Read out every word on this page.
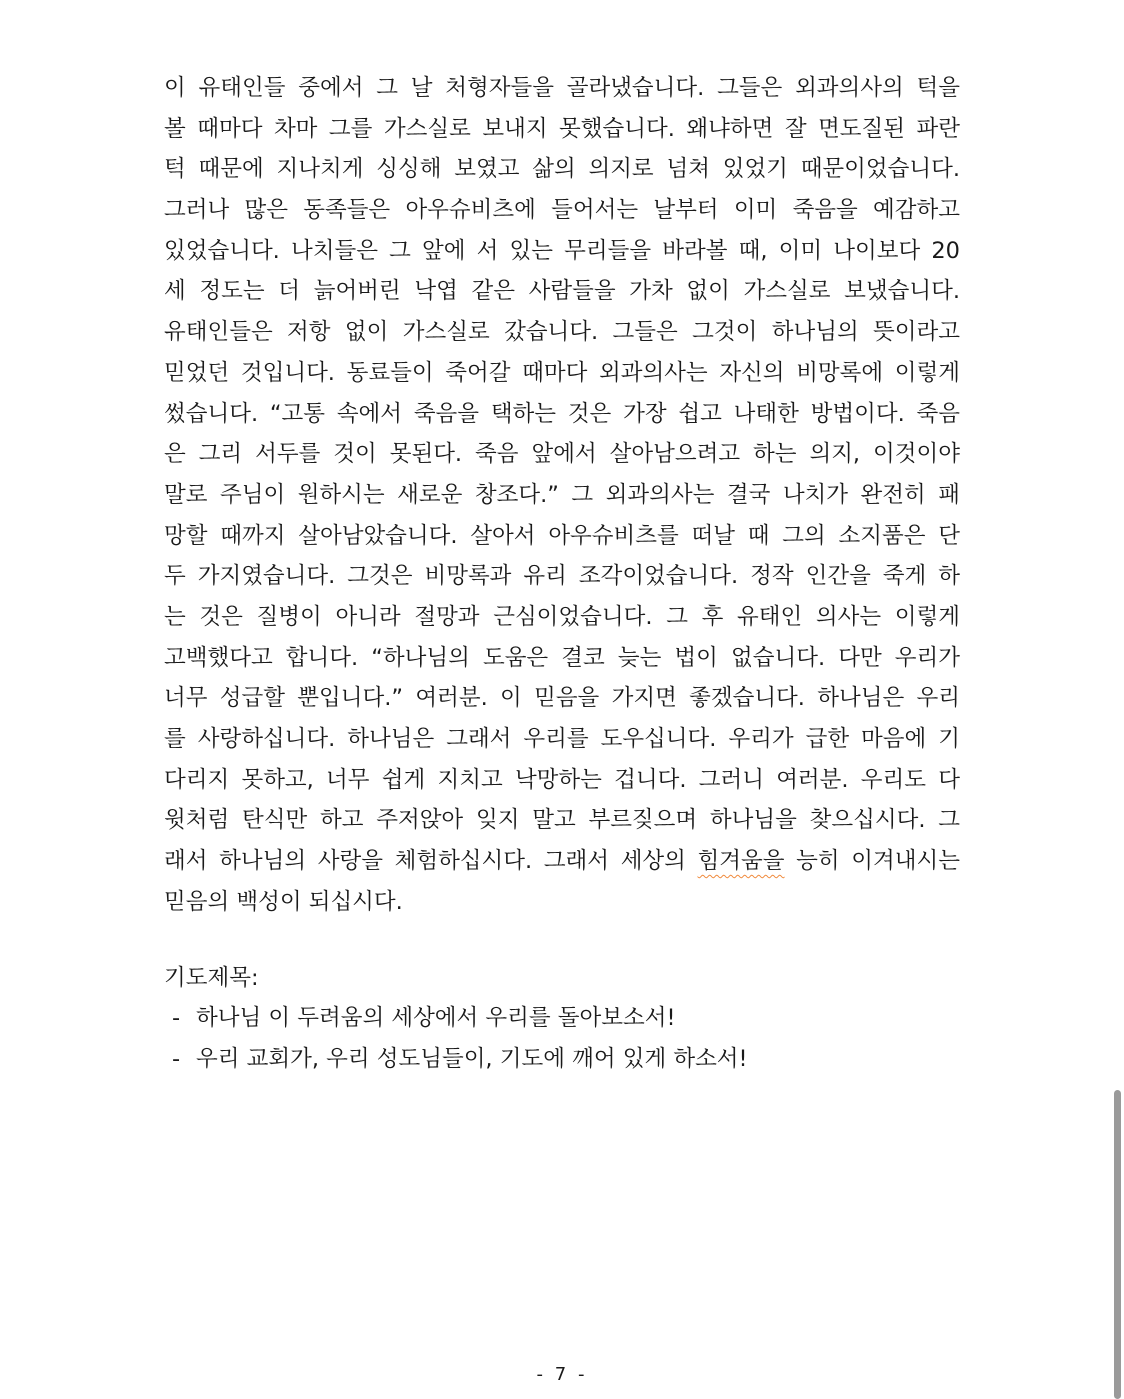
이 유태인들 중에서 그 날 처형자들을 골라냈습니다. 그들은 외과의사의 턱을
볼 때마다 차마 그를 가스실로 보내지 못했습니다. 왜냐하면 잘 면도질된 파란
턱 때문에 지나치게 싱싱해 보였고 삶의 의지로 넘쳐 있었기 때문이었습니다.
그러나 많은 동족들은 아우슈비츠에 들어서는 날부터 이미 죽음을 예감하고
있었습니다. 나치들은 그 앞에 서 있는 무리들을 바라볼 때, 이미 나이보다 20
세 정도는 더 늙어버린 낙엽 같은 사람들을 가차 없이 가스실로 보냈습니다.
유태인들은 저항 없이 가스실로 갔습니다. 그들은 그것이 하나님의 뜻이라고
믿었던 것입니다. 동료들이 죽어갈 때마다 외과의사는 자신의 비망록에 이렇게
썼습니다. “고통 속에서 죽음을 택하는 것은 가장 쉽고 나태한 방법이다. 죽음
은 그리 서두를 것이 못된다. 죽음 앞에서 살아남으려고 하는 의지, 이것이야
말로 주님이 원하시는 새로운 창조다.” 그 외과의사는 결국 나치가 완전히 패
망할 때까지 살아남았습니다. 살아서 아우슈비츠를 떠날 때 그의 소지품은 단
두 가지였습니다. 그것은 비망록과 유리 조각이었습니다. 정작 인간을 죽게 하
는 것은 질병이 아니라 절망과 근심이었습니다. 그 후 유태인 의사는 이렇게
고백했다고 합니다. “하나님의 도움은 결코 늦는 법이 없습니다. 다만 우리가
너무 성급할 뿐입니다.” 여러분. 이 믿음을 가지면 좋겠습니다. 하나님은 우리
를 사랑하십니다. 하나님은 그래서 우리를 도우십니다. 우리가 급한 마음에 기
다리지 못하고, 너무 쉽게 지치고 낙망하는 겁니다. 그러니 여러분. 우리도 다
윗처럼 탄식만 하고 주저앉아 잊지 말고 부르짖으며 하나님을 찾으십시다. 그
래서 하나님의 사랑을 체험하십시다. 그래서 세상의 힘겨움을 능히 이겨내시는
믿음의 백성이 되십시다.
기도제목:
- 하나님 이 두려움의 세상에서 우리를 돌아보소서!
- 우리 교회가, 우리 성도님들이, 기도에 깨어 있게 하소서!
- 7 -
